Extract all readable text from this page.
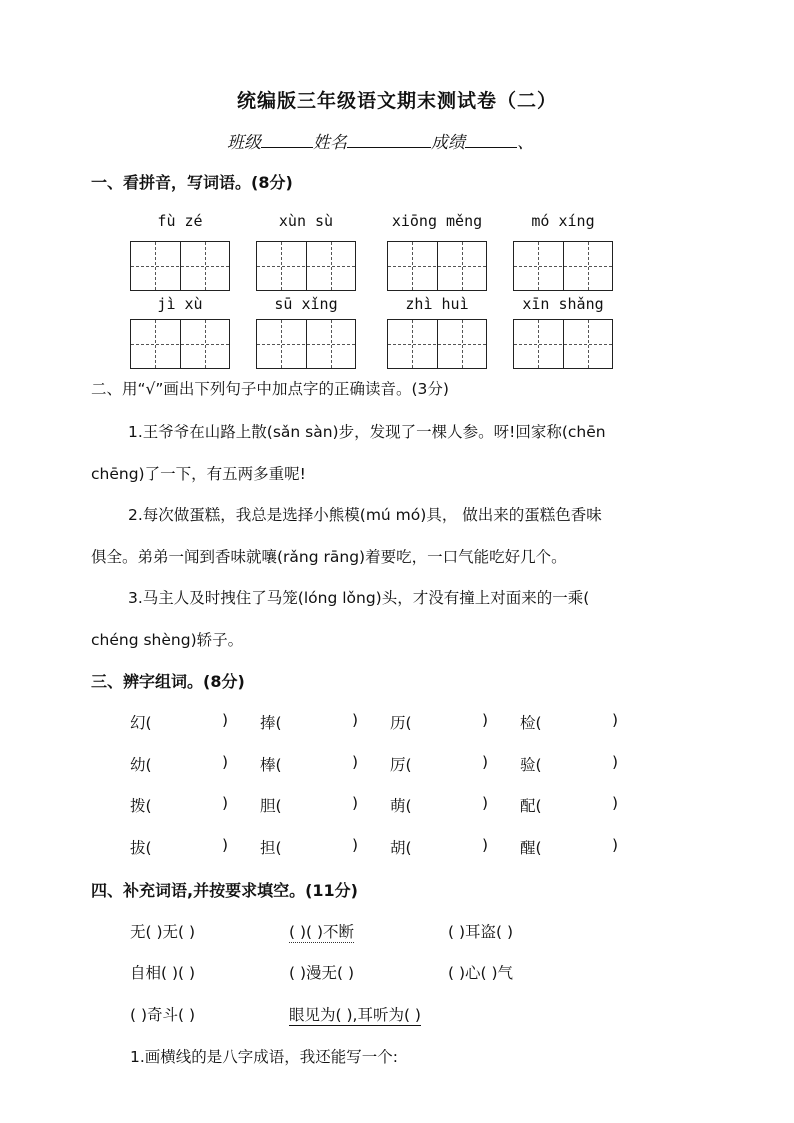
统编版三年级语文期末测试卷（二）
班级	姓名	成绩	、
一、看拼音，写词语。(8分)
fù zé	xùn sù	xiōng měng	mó xíng
jì xù	sū xǐng	zhì huì	xīn shǎng
二、用“√”画出下列句子中加点字的正确读音。(3分)
1.王爷爷在山路上散(sǎn sàn)步，发现了一棵人参。呀!回家称(chēn
chēng)了一下，有五两多重呢!
2.每次做蛋糕，我总是选择小熊模(mú mó)具， 做出来的蛋糕色香味
俱全。弟弟一闻到香味就嚷(rǎng rāng)着要吃，一口气能吃好几个。
3.马主人及时拽住了马笼(lóng lǒng)头，才没有撞上对面来的一乘(
chéng shèng)轿子。
三、辨字组词。(8分)
幻(	) 捧(	) 历(	) 检(	)
幼(	) 棒(	) 厉(	) 验(	)
拨(	) 胆(	) 萌(	) 配(	)
拔(	) 担(	) 胡(	) 醒(	)
四、补充词语,并按要求填空。(11分)
无( )无( )	( )( )不断	( )耳盗( )
自相( )( )	( )漫无( )	( )心( )气
( )奇斗( )	眼见为( ),耳听为( )
1.画横线的是八字成语，我还能写一个:
